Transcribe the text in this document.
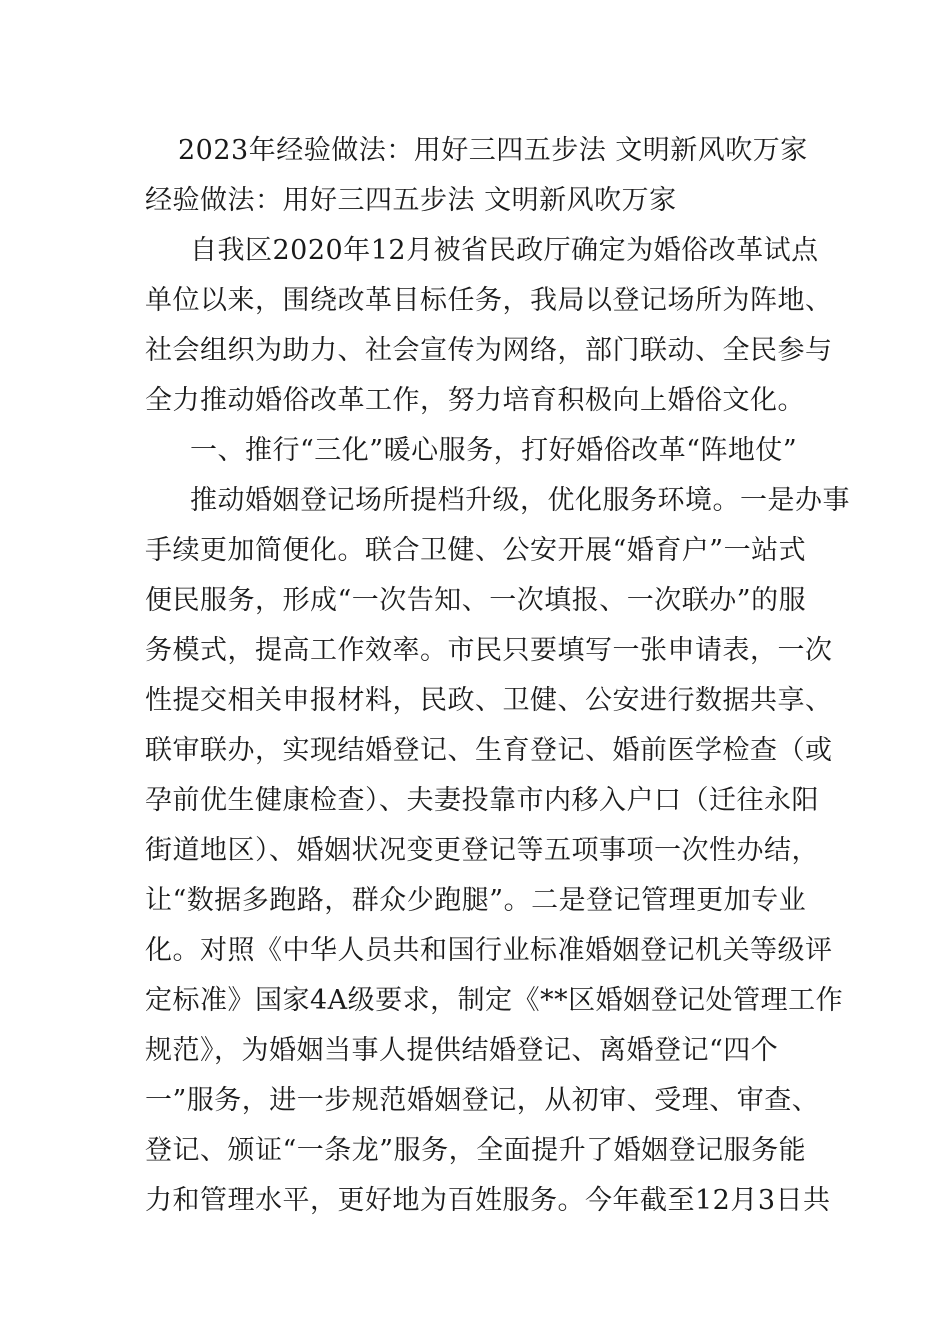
2023年经验做法：用好三四五步法 文明新风吹万家
经验做法：用好三四五步法 文明新风吹万家
自我区2020年12月被省民政厅确定为婚俗改革试点
单位以来，围绕改革目标任务，我局以登记场所为阵地、
社会组织为助力、社会宣传为网络，部门联动、全民参与
全力推动婚俗改革工作，努力培育积极向上婚俗文化。
一、推行“三化”暖心服务，打好婚俗改革“阵地仗”
推动婚姻登记场所提档升级，优化服务环境。一是办事
手续更加简便化。联合卫健、公安开展“婚育户”一站式
便民服务，形成“一次告知、一次填报、一次联办”的服
务模式，提高工作效率。市民只要填写一张申请表，一次
性提交相关申报材料，民政、卫健、公安进行数据共享、
联审联办，实现结婚登记、生育登记、婚前医学检查（或
孕前优生健康检查）、夫妻投靠市内移入户口（迁往永阳
街道地区）、婚姻状况变更登记等五项事项一次性办结，
让“数据多跑路，群众少跑腿”。二是登记管理更加专业
化。对照《中华人员共和国行业标准婚姻登记机关等级评
定标准》国家4A级要求，制定《**区婚姻登记处管理工作
规范》，为婚姻当事人提供结婚登记、离婚登记“四个
一”服务，进一步规范婚姻登记，从初审、受理、审查、
登记、颁证“一条龙”服务，全面提升了婚姻登记服务能
力和管理水平，更好地为百姓服务。今年截至12月3日共
